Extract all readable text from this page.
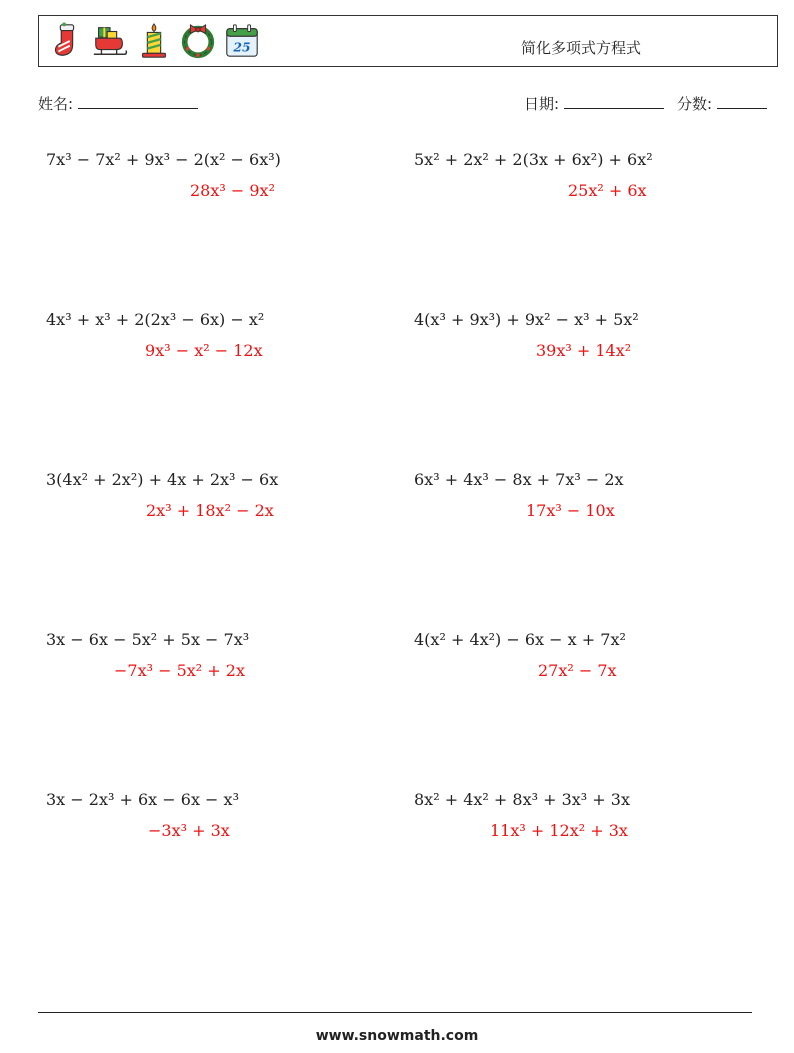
25	简化多项式方程式
姓名:	日期:	分数:
7x³ − 7x² + 9x³ − 2(x² − 6x³)
28x³ − 9x²
4x³ + x³ + 2(2x³ − 6x) − x²
9x³ − x² − 12x
3(4x² + 2x²) + 4x + 2x³ − 6x
2x³ + 18x² − 2x
3x − 6x − 5x² + 5x − 7x³
−7x³ − 5x² + 2x
3x − 2x³ + 6x − 6x − x³
−3x³ + 3x
5x² + 2x² + 2(3x + 6x²) + 6x²
25x² + 6x
4(x³ + 9x³) + 9x² − x³ + 5x²
39x³ + 14x²
6x³ + 4x³ − 8x + 7x³ − 2x
17x³ − 10x
4(x² + 4x²) − 6x − x + 7x²
27x² − 7x
8x² + 4x² + 8x³ + 3x³ + 3x
11x³ + 12x² + 3x
www.snowmath.com
